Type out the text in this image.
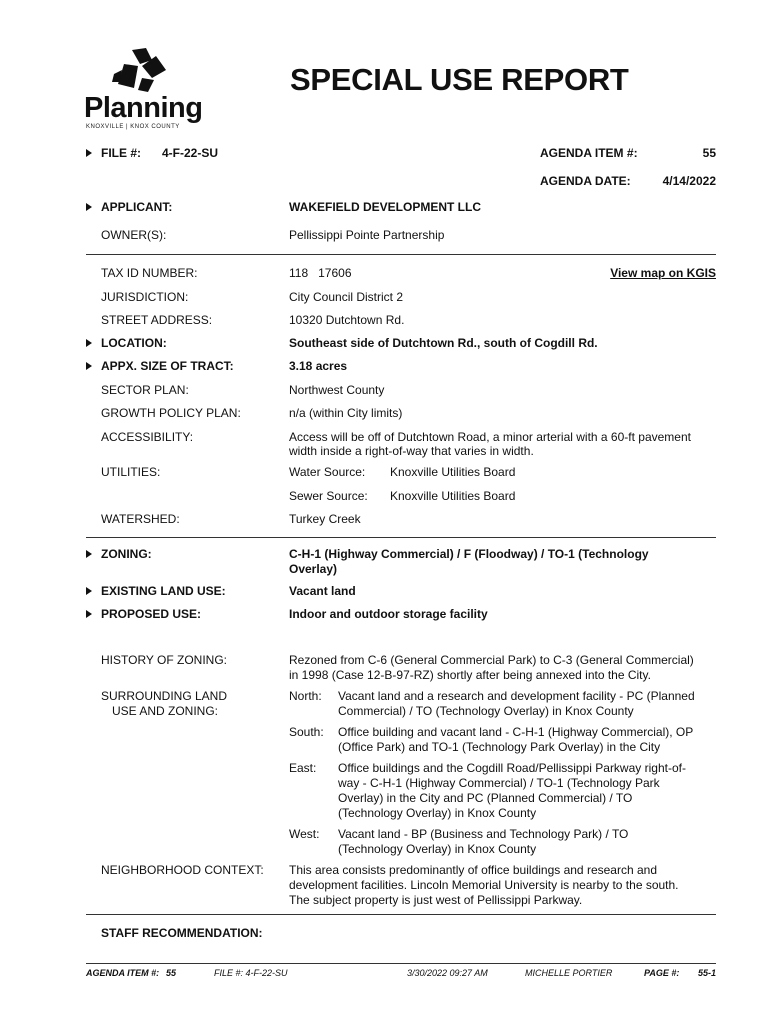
Planning
KNOXVILLE | KNOX COUNTY
SPECIAL USE REPORT
FILE #: 4-F-22-SU	AGENDA ITEM #:	55
AGENDA DATE:	4/14/2022
APPLICANT:	WAKEFIELD DEVELOPMENT LLC
OWNER(S):	Pellissippi Pointe Partnership
TAX ID NUMBER:	118   17606	View map on KGIS
JURISDICTION:	City Council District 2
STREET ADDRESS:	10320 Dutchtown Rd.
LOCATION:	Southeast side of Dutchtown Rd., south of Cogdill Rd.
APPX. SIZE OF TRACT:	3.18 acres
SECTOR PLAN:	Northwest County
GROWTH POLICY PLAN:	n/a (within City limits)
ACCESSIBILITY:	Access will be off of Dutchtown Road, a minor arterial with a 60-ft pavement
width inside a right-of-way that varies in width.
UTILITIES:	Water Source: Knoxville Utilities Board
Sewer Source: Knoxville Utilities Board
WATERSHED:	Turkey Creek
ZONING:	C-H-1 (Highway Commercial) / F (Floodway) / TO-1 (Technology
Overlay)
EXISTING LAND USE:	Vacant land
PROPOSED USE:	Indoor and outdoor storage facility
HISTORY OF ZONING:	Rezoned from C-6 (General Commercial Park) to C-3 (General Commercial)
in 1998 (Case 12-B-97-RZ) shortly after being annexed into the City.
SURROUNDING LAND
USE AND ZONING:
North: Vacant land and a research and development facility - PC (Planned
Commercial) / TO (Technology Overlay) in Knox County
South: Office building and vacant land - C-H-1 (Highway Commercial), OP
(Office Park) and TO-1 (Technology Park Overlay) in the City
East: Office buildings and the Cogdill Road/Pellissippi Parkway right-of-
way - C-H-1 (Highway Commercial) / TO-1 (Technology Park
Overlay) in the City and PC (Planned Commercial) / TO
(Technology Overlay) in Knox County
West: Vacant land - BP (Business and Technology Park) / TO
(Technology Overlay) in Knox County
NEIGHBORHOOD CONTEXT: This area consists predominantly of office buildings and research and
development facilities. Lincoln Memorial University is nearby to the south.
The subject property is just west of Pellissippi Parkway.
STAFF RECOMMENDATION:
AGENDA ITEM #: 55	FILE #: 4-F-22-SU	3/30/2022 09:27 AM	MICHELLE PORTIER	PAGE #: 55-1
